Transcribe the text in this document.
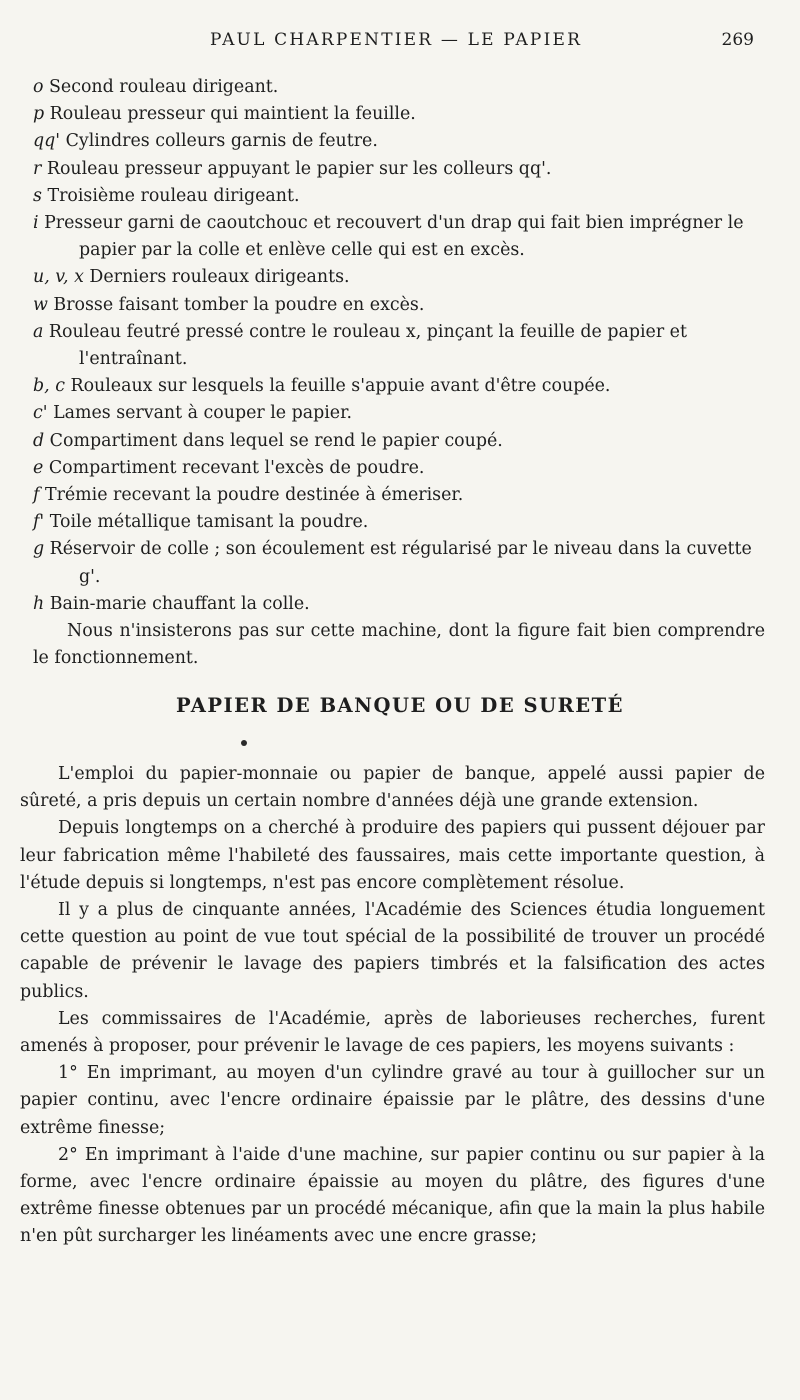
PAUL CHARPENTIER — LE PAPIER	269
o Second rouleau dirigeant.
p Rouleau presseur qui maintient la feuille.
qq' Cylindres colleurs garnis de feutre.
r Rouleau presseur appuyant le papier sur les colleurs qq'.
s Troisième rouleau dirigeant.
i Presseur garni de caoutchouc et recouvert d'un drap qui fait bien imprégner le papier par la colle et enlève celle qui est en excès.
u, v, x Derniers rouleaux dirigeants.
w Brosse faisant tomber la poudre en excès.
a Rouleau feutré pressé contre le rouleau x, pinçant la feuille de papier et l'entraînant.
b, c Rouleaux sur lesquels la feuille s'appuie avant d'être coupée.
c' Lames servant à couper le papier.
d Compartiment dans lequel se rend le papier coupé.
e Compartiment recevant l'excès de poudre.
f Trémie recevant la poudre destinée à émeriser.
f' Toile métallique tamisant la poudre.
g Réservoir de colle ; son écoulement est régularisé par le niveau dans la cuvette g'.
h Bain-marie chauffant la colle.
Nous n'insisterons pas sur cette machine, dont la figure fait bien comprendre le fonctionnement.
PAPIER DE BANQUE OU DE SURETÉ

L'emploi du papier-monnaie ou papier de banque, appelé aussi papier de sûreté, a pris depuis un certain nombre d'années déjà une grande extension.

Depuis longtemps on a cherché à produire des papiers qui pussent déjouer par leur fabrication même l'habileté des faussaires, mais cette importante question, à l'étude depuis si longtemps, n'est pas encore complètement résolue.

Il y a plus de cinquante années, l'Académie des Sciences étudia longuement cette question au point de vue tout spécial de la possibilité de trouver un procédé capable de prévenir le lavage des papiers timbrés et la falsification des actes publics.

Les commissaires de l'Académie, après de laborieuses recherches, furent amenés à proposer, pour prévenir le lavage de ces papiers, les moyens suivants :

1° En imprimant, au moyen d'un cylindre gravé au tour à guillocher sur un papier continu, avec l'encre ordinaire épaissie par le plâtre, des dessins d'une extrême finesse;

2° En imprimant à l'aide d'une machine, sur papier continu ou sur papier à la forme, avec l'encre ordinaire épaissie au moyen du plâtre, des figures d'une extrême finesse obtenues par un procédé mécanique, afin que la main la plus habile n'en pût surcharger les linéaments avec une encre grasse;
